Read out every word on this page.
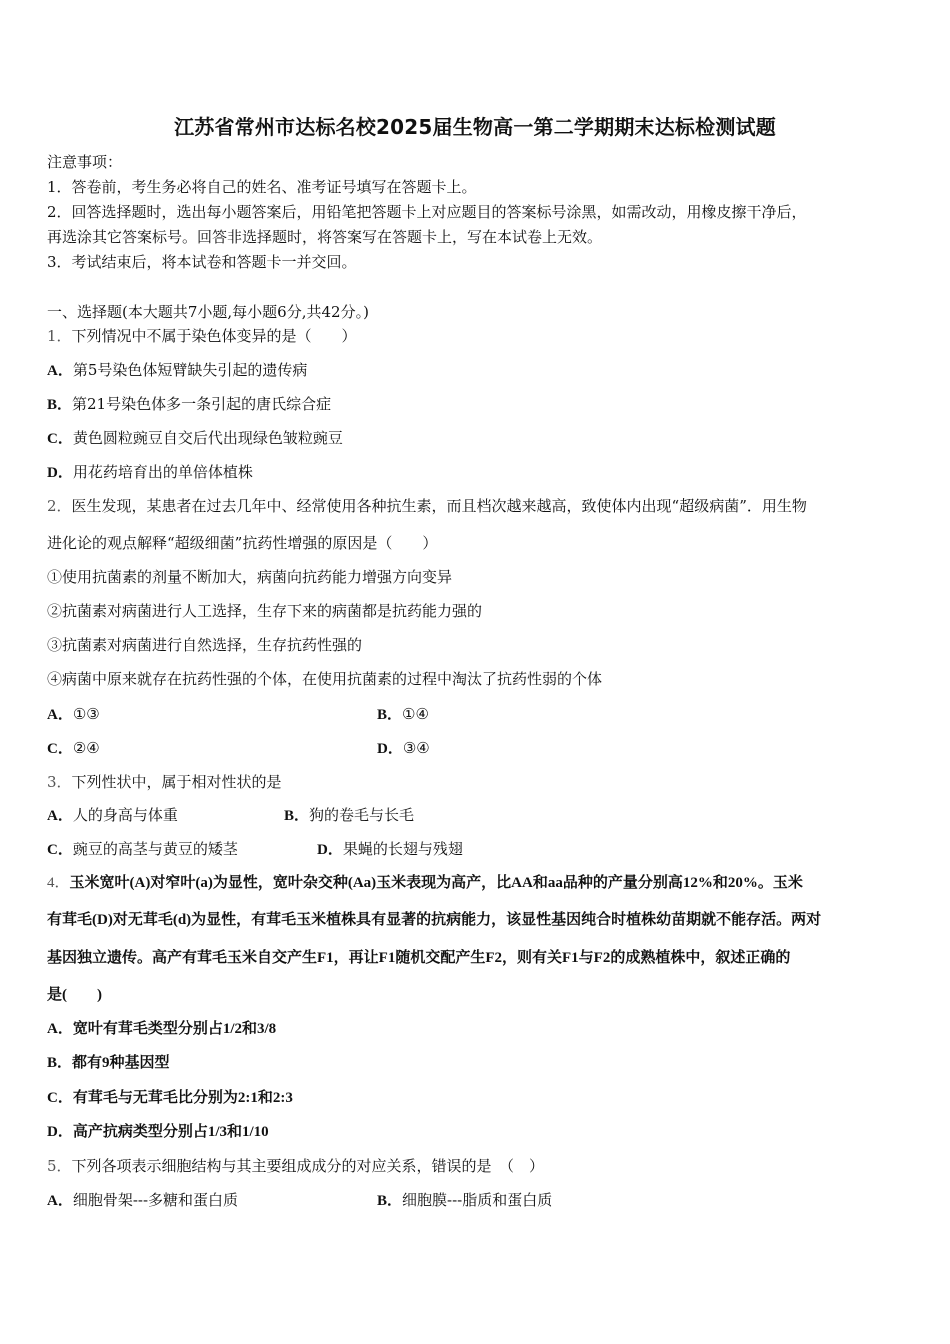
江苏省常州市达标名校2025届生物高一第二学期期末达标检测试题
注意事项：
1．答卷前，考生务必将自己的姓名、准考证号填写在答题卡上。
2．回答选择题时，选出每小题答案后，用铅笔把答题卡上对应题目的答案标号涂黑，如需改动，用橡皮擦干净后，
再选涂其它答案标号。回答非选择题时，将答案写在答题卡上，写在本试卷上无效。
3．考试结束后，将本试卷和答题卡一并交回。
一、选择题(本大题共7小题,每小题6分,共42分。)
1．下列情况中不属于染色体变异的是（　　）
A．第5号染色体短臂缺失引起的遗传病
B．第21号染色体多一条引起的唐氏综合症
C．黄色圆粒豌豆自交后代出现绿色皱粒豌豆
D．用花药培育出的单倍体植株
2．医生发现，某患者在过去几年中、经常使用各种抗生素，而且档次越来越高，致使体内出现“超级病菌”．用生物
进化论的观点解释“超级细菌”抗药性增强的原因是（　　）
①使用抗菌素的剂量不断加大，病菌向抗药能力增强方向变异
②抗菌素对病菌进行人工选择，生存下来的病菌都是抗药能力强的
③抗菌素对病菌进行自然选择，生存抗药性强的
④病菌中原来就存在抗药性强的个体，在使用抗菌素的过程中淘汰了抗药性弱的个体
A．①③	B．①④
C．②④	D．③④
3．下列性状中，属于相对性状的是
A．人的身高与体重	B．狗的卷毛与长毛
C．豌豆的高茎与黄豆的矮茎	D．果蝇的长翅与残翅
4．玉米宽叶(A)对窄叶(a)为显性，宽叶杂交种(Aa)玉米表现为高产，比AA和aa品种的产量分别高12%和20%。玉米
有茸毛(D)对无茸毛(d)为显性，有茸毛玉米植株具有显著的抗病能力，该显性基因纯合时植株幼苗期就不能存活。两对
基因独立遗传。高产有茸毛玉米自交产生F1，再让F1随机交配产生F2，则有关F1与F2的成熟植株中，叙述正确的
是(　　)
A．宽叶有茸毛类型分别占1/2和3/8
B．都有9种基因型
C．有茸毛与无茸毛比分别为2:1和2:3
D．高产抗病类型分别占1/3和1/10
5．下列各项表示细胞结构与其主要组成成分的对应关系，错误的是　（　）
A．细胞骨架---多糖和蛋白质	B．细胞膜---脂质和蛋白质
